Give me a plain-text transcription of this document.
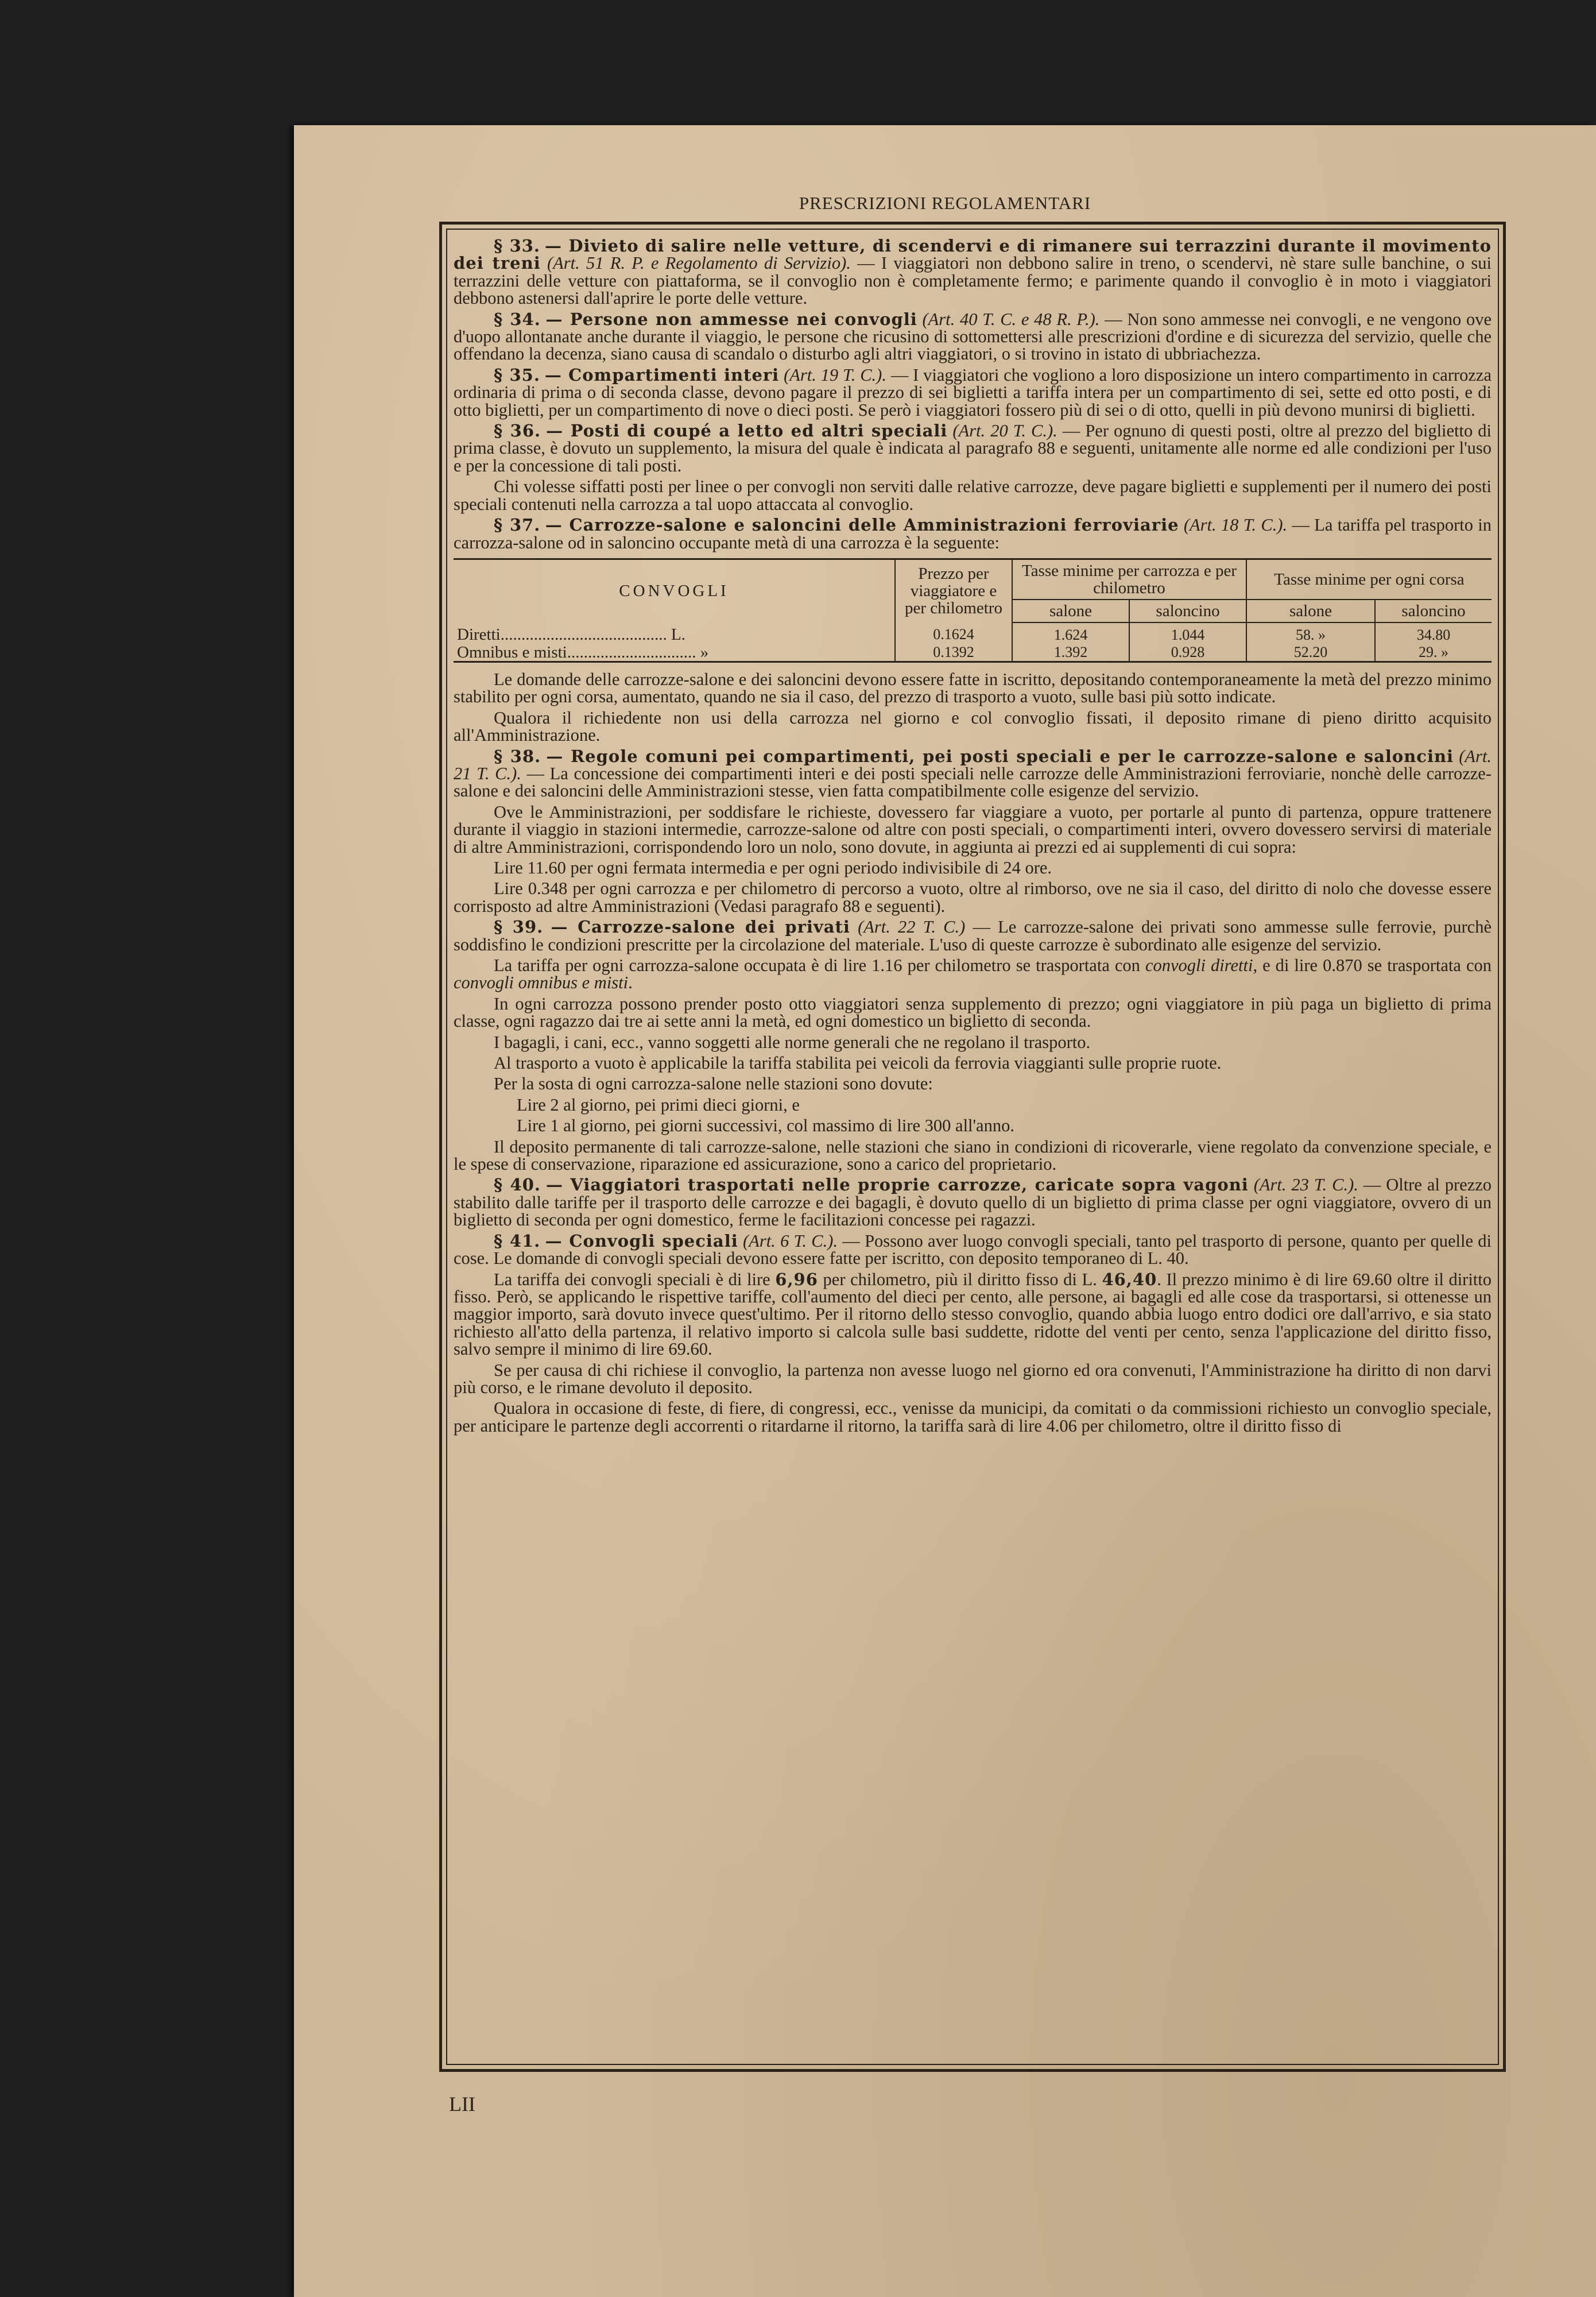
PRESCRIZIONI REGOLAMENTARI

§ 33. — Divieto di salire nelle vetture, di scendervi e di rimanere sui terrazzini durante il movimento dei treni (Art. 51 R. P. e Regolamento di Servizio). — I viaggiatori non debbono salire in treno, o scendervi, nè stare sulle banchine, o sui terrazzini delle vetture con piattaforma, se il convoglio non è completamente fermo; e parimente quando il convoglio è in moto i viaggiatori debbono astenersi dall'aprire le porte delle vetture.

§ 34. — Persone non ammesse nei convogli (Art. 40 T. C. e 48 R. P.). — Non sono ammesse nei convogli, e ne vengono ove d'uopo allontanate anche durante il viaggio, le persone che ricusino di sottomettersi alle prescrizioni d'ordine e di sicurezza del servizio, quelle che offendano la decenza, siano causa di scandalo o disturbo agli altri viaggiatori, o si trovino in istato di ubbriachezza.

§ 35. — Compartimenti interi (Art. 19 T. C.). — I viaggiatori che vogliono a loro disposizione un intero compartimento in carrozza ordinaria di prima o di seconda classe, devono pagare il prezzo di sei biglietti a tariffa intera per un compartimento di sei, sette ed otto posti, e di otto biglietti, per un compartimento di nove o dieci posti. Se però i viaggiatori fossero più di sei o di otto, quelli in più devono munirsi di biglietti.

§ 36. — Posti di coupé a letto ed altri speciali (Art. 20 T. C.). — Per ognuno di questi posti, oltre al prezzo del biglietto di prima classe, è dovuto un supplemento, la misura del quale è indicata al paragrafo 88 e seguenti, unitamente alle norme ed alle condizioni per l'uso e per la concessione di tali posti.

Chi volesse siffatti posti per linee o per convogli non serviti dalle relative carrozze, deve pagare biglietti e supplementi per il numero dei posti speciali contenuti nella carrozza a tal uopo attaccata al convoglio.

§ 37. — Carrozze-salone e saloncini delle Amministrazioni ferroviarie (Art. 18 T. C.). — La tariffa pel trasporto in carrozza-salone od in saloncino occupante metà di una carrozza è la seguente:

CONVOGLI	Prezzo per viaggiatore e per chilometro	Tasse minime per carrozza e per chilometro		Tasse minime per ogni corsa	
		salone	saloncino	salone	saloncino
Diretti........................................ L.	0.1624	1.624	1.044	58. »	34.80
Omnibus e misti............................... »	0.1392	1.392	0.928	52.20	29. »

Le domande delle carrozze-salone e dei saloncini devono essere fatte in iscritto, depositando contemporaneamente la metà del prezzo minimo stabilito per ogni corsa, aumentato, quando ne sia il caso, del prezzo di trasporto a vuoto, sulle basi più sotto indicate.

Qualora il richiedente non usi della carrozza nel giorno e col convoglio fissati, il deposito rimane di pieno diritto acquisito all'Amministrazione.

§ 38. — Regole comuni pei compartimenti, pei posti speciali e per le carrozze-salone e saloncini (Art. 21 T. C.). — La concessione dei compartimenti interi e dei posti speciali nelle carrozze delle Amministrazioni ferroviarie, nonchè delle carrozze-salone e dei saloncini delle Amministrazioni stesse, vien fatta compatibilmente colle esigenze del servizio.

Ove le Amministrazioni, per soddisfare le richieste, dovessero far viaggiare a vuoto, per portarle al punto di partenza, oppure trattenere durante il viaggio in stazioni intermedie, carrozze-salone od altre con posti speciali, o compartimenti interi, ovvero dovessero servirsi di materiale di altre Amministrazioni, corrispondendo loro un nolo, sono dovute, in aggiunta ai prezzi ed ai supplementi di cui sopra:

Lire 11.60 per ogni fermata intermedia e per ogni periodo indivisibile di 24 ore.

Lire 0.348 per ogni carrozza e per chilometro di percorso a vuoto, oltre al rimborso, ove ne sia il caso, del diritto di nolo che dovesse essere corrisposto ad altre Amministrazioni (Vedasi paragrafo 88 e seguenti).

§ 39. — Carrozze-salone dei privati (Art. 22 T. C.) — Le carrozze-salone dei privati sono ammesse sulle ferrovie, purchè soddisfino le condizioni prescritte per la circolazione del materiale. L'uso di queste carrozze è subordinato alle esigenze del servizio.

La tariffa per ogni carrozza-salone occupata è di lire 1.16 per chilometro se trasportata con convogli diretti, e di lire 0.870 se trasportata con convogli omnibus e misti.

In ogni carrozza possono prender posto otto viaggiatori senza supplemento di prezzo; ogni viaggiatore in più paga un biglietto di prima classe, ogni ragazzo dai tre ai sette anni la metà, ed ogni domestico un biglietto di seconda.

I bagagli, i cani, ecc., vanno soggetti alle norme generali che ne regolano il trasporto.

Al trasporto a vuoto è applicabile la tariffa stabilita pei veicoli da ferrovia viaggianti sulle proprie ruote.

Per la sosta di ogni carrozza-salone nelle stazioni sono dovute:

Lire 2 al giorno, pei primi dieci giorni, e

Lire 1 al giorno, pei giorni successivi, col massimo di lire 300 all'anno.

Il deposito permanente di tali carrozze-salone, nelle stazioni che siano in condizioni di ricoverarle, viene regolato da convenzione speciale, e le spese di conservazione, riparazione ed assicurazione, sono a carico del proprietario.

§ 40. — Viaggiatori trasportati nelle proprie carrozze, caricate sopra vagoni (Art. 23 T. C.). — Oltre al prezzo stabilito dalle tariffe per il trasporto delle carrozze e dei bagagli, è dovuto quello di un biglietto di prima classe per ogni viaggiatore, ovvero di un biglietto di seconda per ogni domestico, ferme le facilitazioni concesse pei ragazzi.

§ 41. — Convogli speciali (Art. 6 T. C.). — Possono aver luogo convogli speciali, tanto pel trasporto di persone, quanto per quelle di cose. Le domande di convogli speciali devono essere fatte per iscritto, con deposito temporaneo di L. 40.

La tariffa dei convogli speciali è di lire 6,96 per chilometro, più il diritto fisso di L. 46,40. Il prezzo minimo è di lire 69.60 oltre il diritto fisso. Però, se applicando le rispettive tariffe, coll'aumento del dieci per cento, alle persone, ai bagagli ed alle cose da trasportarsi, si ottenesse un maggior importo, sarà dovuto invece quest'ultimo. Per il ritorno dello stesso convoglio, quando abbia luogo entro dodici ore dall'arrivo, e sia stato richiesto all'atto della partenza, il relativo importo si calcola sulle basi suddette, ridotte del venti per cento, senza l'applicazione del diritto fisso, salvo sempre il minimo di lire 69.60.

Se per causa di chi richiese il convoglio, la partenza non avesse luogo nel giorno ed ora convenuti, l'Amministrazione ha diritto di non darvi più corso, e le rimane devoluto il deposito.

Qualora in occasione di feste, di fiere, di congressi, ecc., venisse da municipi, da comitati o da commissioni richiesto un convoglio speciale, per anticipare le partenze degli accorrenti o ritardarne il ritorno, la tariffa sarà di lire 4.06 per chilometro, oltre il diritto fisso di

LII
